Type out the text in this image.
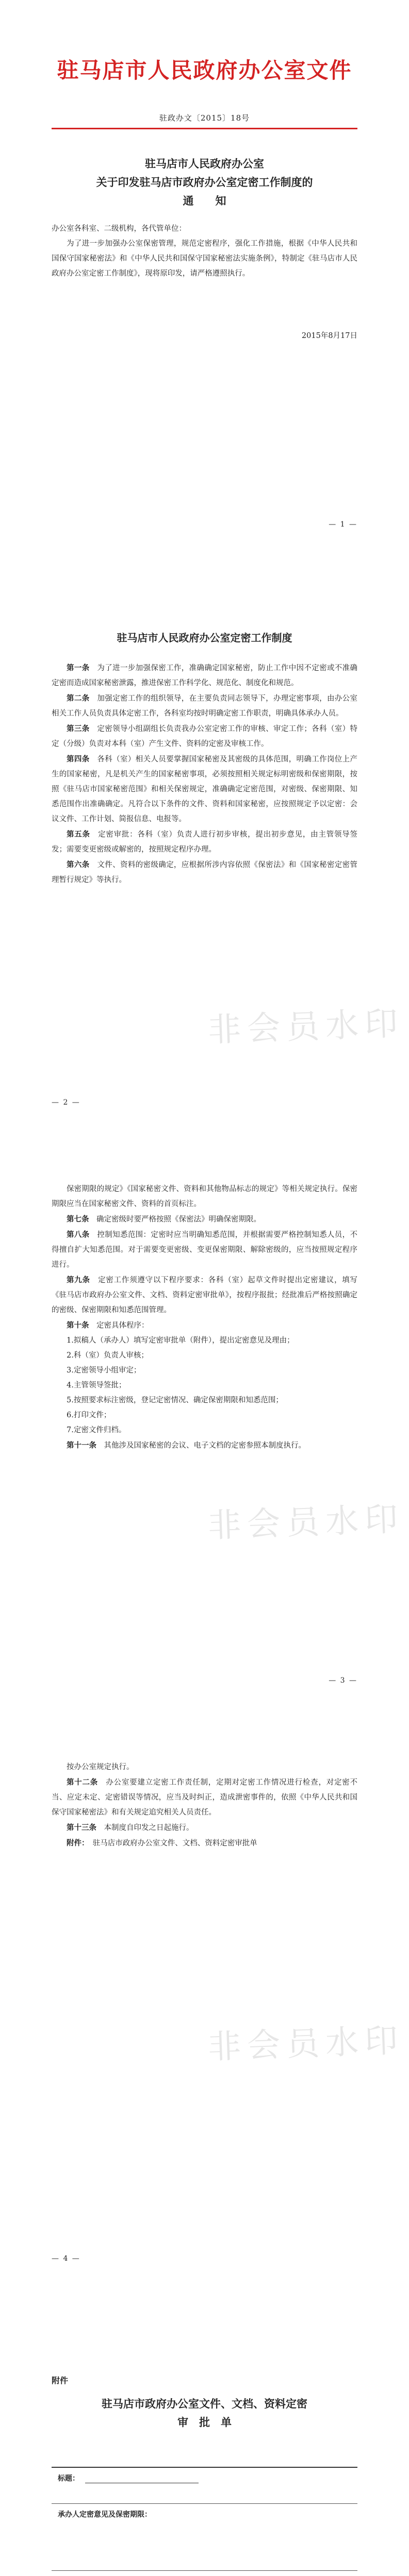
驻马店市人民政府办公室文件
驻政办文〔2015〕18号
驻马店市人民政府办公室
关于印发驻马店市政府办公室定密工作制度的
通　　知

办公室各科室、二级机构，各代管单位：

为了进一步加强办公室保密管理，规范定密程序，强化工作措施，根据《中华人民共和国保守国家秘密法》和《中华人民共和国保守国家秘密法实施条例》，特制定《驻马店市人民政府办公室定密工作制度》，现将原印发，请严格遵照执行。

2015年8月17日
— 1 —
驻马店市人民政府办公室定密工作制度

第一条　 为了进一步加强保密工作，准确确定国家秘密，防止工作中因不定密或不准确定密而造成国家秘密泄露，推进保密工作科学化、规范化、制度化和规范。

第二条　 加强定密工作的组织领导，在主要负责同志领导下，办理定密事项，由办公室相关工作人员负责具体定密工作，各科室均按时明确定密工作职责，明确具体承办人员。

第三条　 定密领导小组副组长负责我办公室定密工作的审核、审定工作；各科（室）特定（分级）负责对本科（室）产生文件、资料的定密及审核工作。

第四条　 各科（室）相关人员要掌握国家秘密及其密级的具体范围，明确工作岗位上产生的国家秘密，凡是机关产生的国家秘密事项，必须按照相关规定标明密级和保密期限，按照《驻马店市国家秘密范围》和相关保密规定，准确确定定密范围，对密级、保密期限、知悉范围作出准确确定。凡符合以下条件的文件、资料和国家秘密，应按照规定予以定密：会议文件、工作计划、简报信息、电报等。

第五条　 定密审批：各科（室）负责人进行初步审核，提出初步意见，由主管领导签发；需要变更密级或解密的，按照规定程序办理。

第六条　 文件、资料的密级确定，应根据所涉内容依照《保密法》和《国家秘密定密管理暂行规定》等执行。

非会员水印
— 2 —

保密期限的规定》《国家秘密文件、资料和其他物品标志的规定》等相关规定执行。保密期限应当在国家秘密文件、资料的首页标注。

第七条　 确定密级时要严格按照《保密法》明确保密期限。

第八条　 控制知悉范围：定密时应当明确知悉范围，并根据需要严格控制知悉人员，不得擅自扩大知悉范围。对于需要变更密级、变更保密期限、解除密级的，应当按照规定程序进行。

第九条　 定密工作须遵守以下程序要求：各科（室）起草文件时提出定密建议，填写《驻马店市政府办公室文件、文档、资料定密审批单》，按程序报批；经批准后严格按照确定的密级、保密期限和知悉范围管理。

第十条　 定密具体程序：

1.拟稿人（承办人）填写定密审批单（附件），提出定密意见及理由；

2.科（室）负责人审核；

3.定密领导小组审定；

4.主管领导签批；

5.按照要求标注密级，登记定密情况、确定保密期限和知悉范围；

6.打印文件；

7.定密文件归档。

第十一条　 其他涉及国家秘密的会议、电子文档的定密参照本制度执行。

非会员水印
— 3 —

按办公室规定执行。

第十二条　 办公室要建立定密工作责任制，定期对定密工作情况进行检查，对定密不当、应定未定、定密错误等情况，应当及时纠正，造成泄密事件的，依照《中华人民共和国保守国家秘密法》和有关规定追究相关人员责任。

第十三条　 本制度自印发之日起施行。

附件：　 驻马店市政府办公室文件、文档、资料定密审批单

非会员水印
— 4 —
附件
驻马店市政府办公室文件、文档、资料定密
审　批　单
标题：
承办人定密意见及保密期限：
